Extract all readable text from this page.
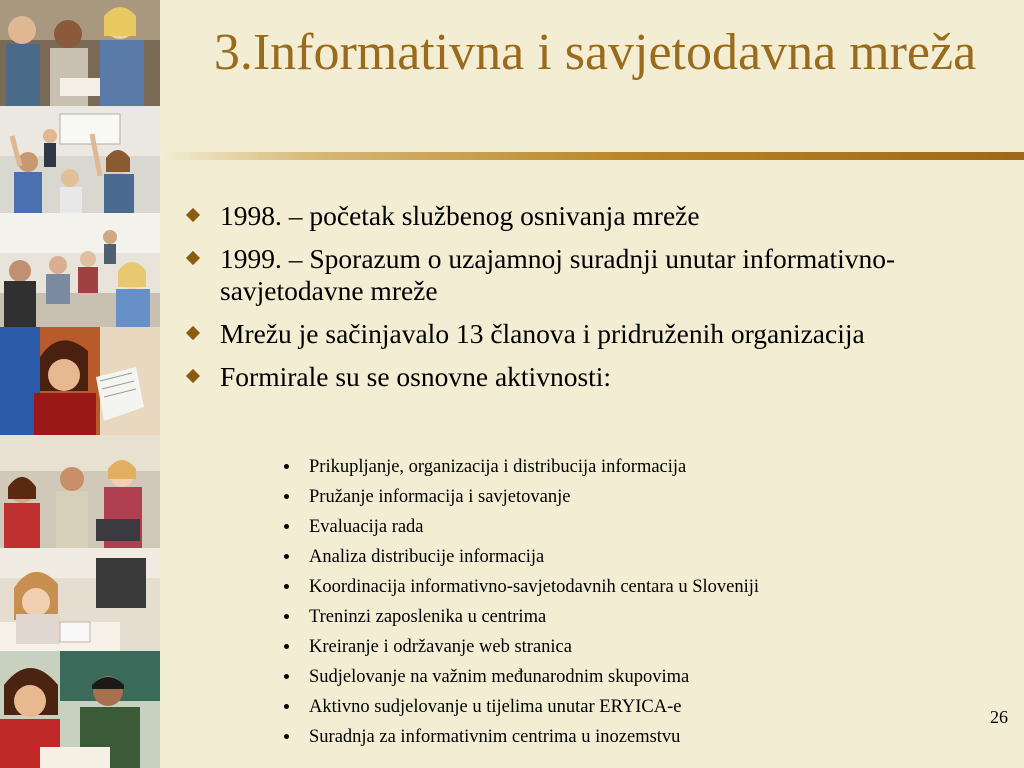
3.Informativna i savjetodavna mreža
1998. – početak službenog osnivanja mreže
1999. – Sporazum o uzajamnoj suradnji unutar informativno-savjetodavne mreže
Mrežu je sačinjavalo 13 članova i pridruženih organizacija
Formirale su se osnovne aktivnosti:
Prikupljanje, organizacija i distribucija informacija
Pružanje informacija i savjetovanje
Evaluacija rada
Analiza distribucije informacija
Koordinacija informativno-savjetodavnih centara u Sloveniji
Treninzi zaposlenika u centrima
Kreiranje i održavanje web stranica
Sudjelovanje na važnim međunarodnim skupovima
Aktivno sudjelovanje u tijelima unutar ERYICA-e
Suradnja za informativnim centrima u inozemstvu
26
